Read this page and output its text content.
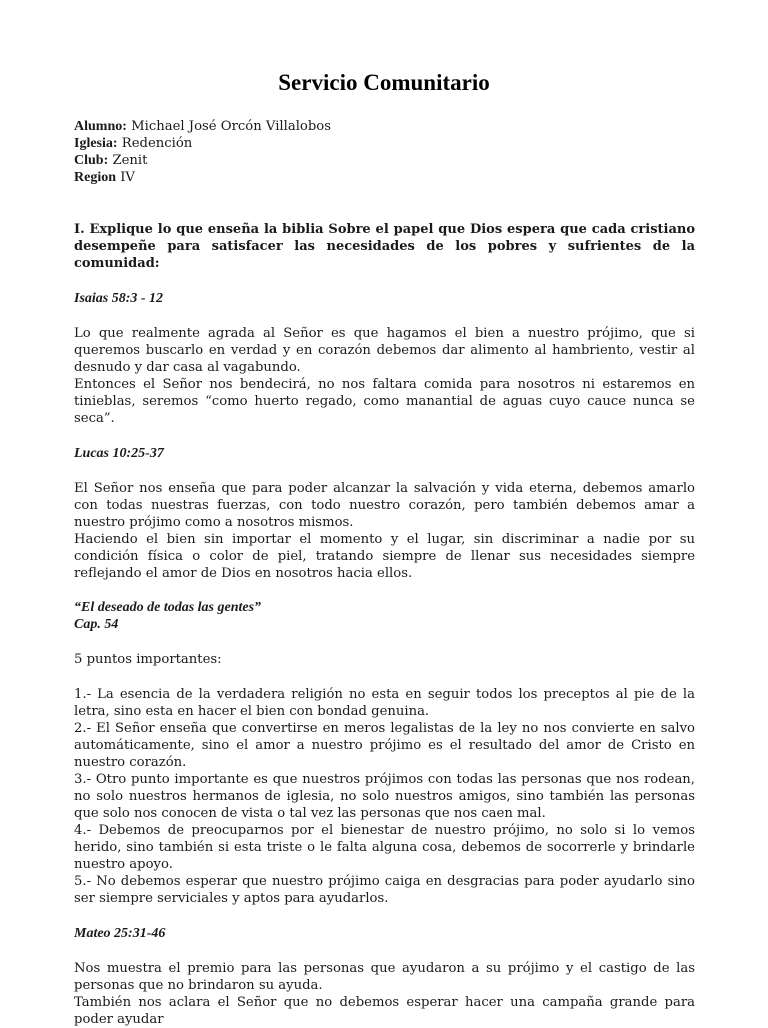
Servicio Comunitario
Alumno: Michael José Orcón Villalobos
Iglesia: Redención
Club: Zenit
Region IV

I. Explique lo que enseña la biblia Sobre el papel que Dios espera que cada cristiano desempeñe para satisfacer las necesidades de los pobres y sufrientes de la comunidad:

Isaias 58:3 - 12

Lo que realmente agrada al Señor es que hagamos el bien a nuestro prójimo, que si queremos buscarlo en verdad y en corazón debemos dar alimento al hambriento, vestir al desnudo y dar casa al vagabundo.

Entonces el Señor nos bendecirá, no nos faltara comida para nosotros ni estaremos en tinieblas, seremos “como huerto regado, como manantial de aguas cuyo cauce nunca se seca”.

Lucas 10:25-37

El Señor nos enseña que para poder alcanzar la salvación y vida eterna, debemos amarlo con todas nuestras fuerzas, con todo nuestro corazón, pero también debemos amar a nuestro prójimo como a nosotros mismos.

Haciendo el bien sin importar el momento y el lugar, sin discriminar a nadie por su condición física o color de piel, tratando siempre de llenar sus necesidades siempre reflejando el amor de Dios en nosotros hacia ellos.

“El deseado de todas las gentes”

Cap. 54

5 puntos importantes:

1.- La esencia de la verdadera religión no esta en seguir todos los preceptos al pie de la letra, sino esta en hacer el bien con bondad genuina.

2.- El Señor enseña que convertirse en meros legalistas de la ley no nos convierte en salvo automáticamente, sino el amor a nuestro prójimo es el resultado del amor de Cristo en nuestro corazón.

3.- Otro punto importante es que nuestros prójimos con todas las personas que nos rodean, no solo nuestros hermanos de iglesia, no solo nuestros amigos, sino también las personas que solo nos conocen de vista o tal vez las personas que nos caen mal.

4.- Debemos de preocuparnos por el bienestar de nuestro prójimo, no solo si lo vemos herido, sino también si esta triste o le falta alguna cosa, debemos de socorrerle y brindarle nuestro apoyo.

5.- No debemos esperar que nuestro prójimo caiga en desgracias para poder ayudarlo sino ser siempre serviciales y aptos para ayudarlos.

Mateo 25:31-46

Nos muestra el premio para las personas que ayudaron a su prójimo y el castigo de las personas que no brindaron su ayuda.

También nos aclara el Señor que no debemos esperar hacer una campaña grande para poder ayudar
